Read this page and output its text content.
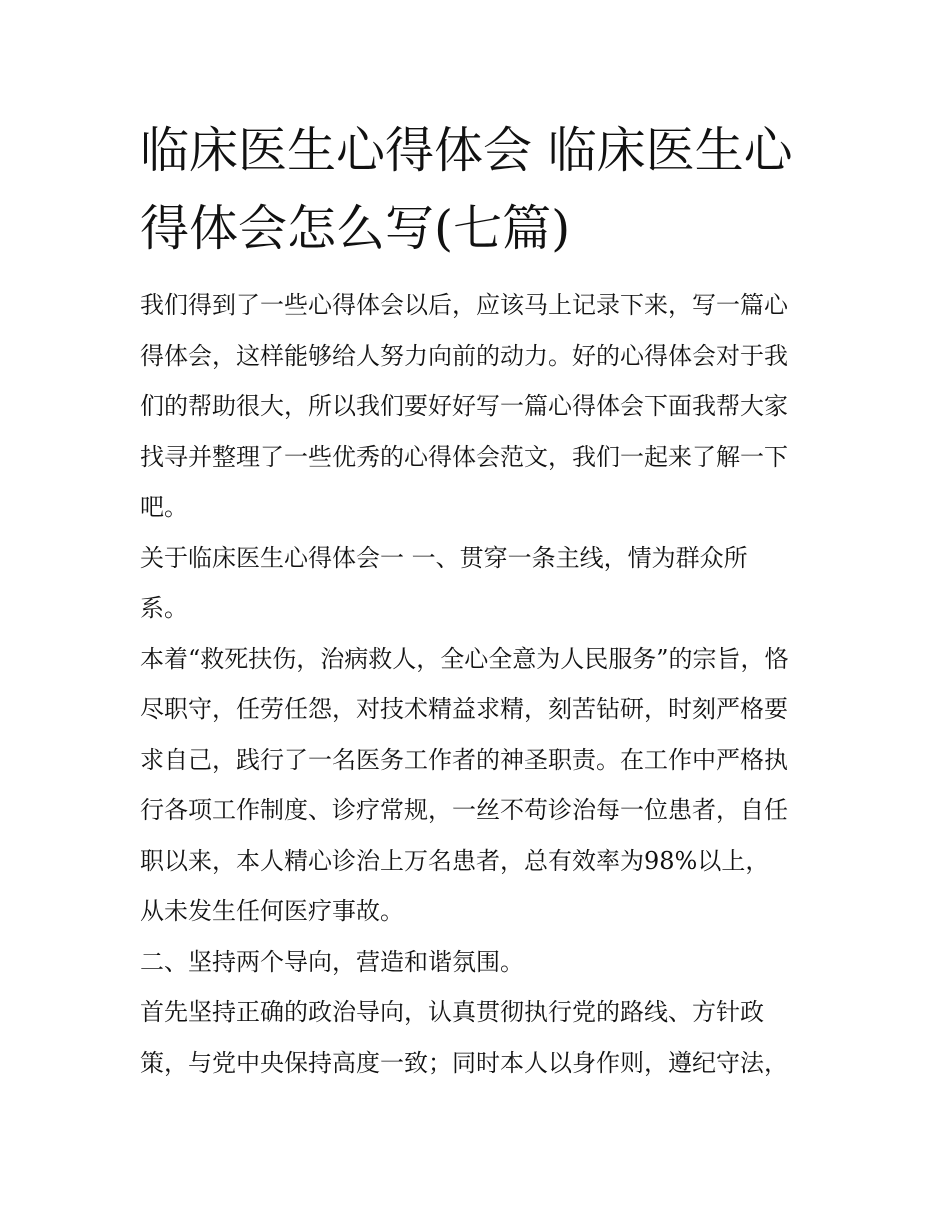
临床医生心得体会 临床医生心
得体会怎么写(七篇)

我们得到了一些心得体会以后，应该马上记录下来，写一篇心
得体会，这样能够给人努力向前的动力。好的心得体会对于我
们的帮助很大，所以我们要好好写一篇心得体会下面我帮大家
找寻并整理了一些优秀的心得体会范文，我们一起来了解一下
吧。

关于临床医生心得体会一 一、贯穿一条主线，情为群众所
系。

本着“救死扶伤，治病救人，全心全意为人民服务”的宗旨，恪
尽职守，任劳任怨，对技术精益求精，刻苦钻研，时刻严格要
求自己，践行了一名医务工作者的神圣职责。在工作中严格执
行各项工作制度、诊疗常规，一丝不苟诊治每一位患者，自任
职以来，本人精心诊治上万名患者，总有效率为98%以上，
从未发生任何医疗事故。

二、坚持两个导向，营造和谐氛围。

首先坚持正确的政治导向，认真贯彻执行党的路线、方针政
策，与党中央保持高度一致；同时本人以身作则，遵纪守法，
